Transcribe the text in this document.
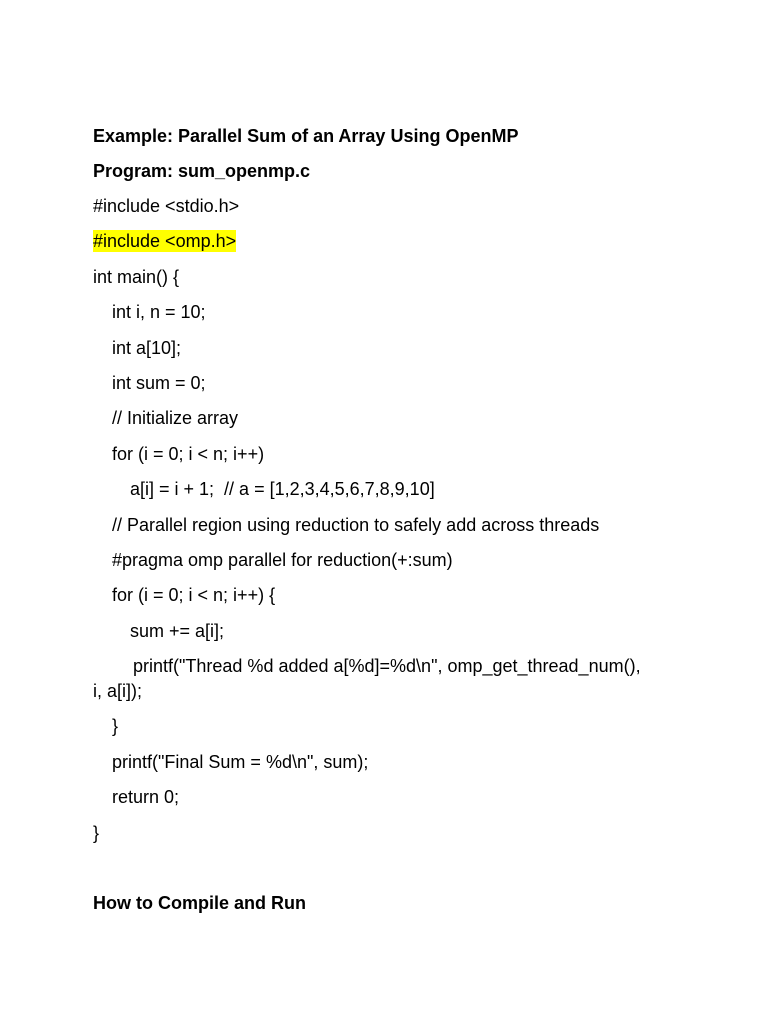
Example: Parallel Sum of an Array Using OpenMP
Program: sum_openmp.c
#include <stdio.h>
#include <omp.h>
int main() {
int i, n = 10;
int a[10];
int sum = 0;
// Initialize array
for (i = 0; i < n; i++)
a[i] = i + 1;  // a = [1,2,3,4,5,6,7,8,9,10]
// Parallel region using reduction to safely add across threads
#pragma omp parallel for reduction(+:sum)
for (i = 0; i < n; i++) {
sum += a[i];
printf("Thread %d added a[%d]=%d\n", omp_get_thread_num(),
i, a[i]);
}
printf("Final Sum = %d\n", sum);
return 0;
}
How to Compile and Run
